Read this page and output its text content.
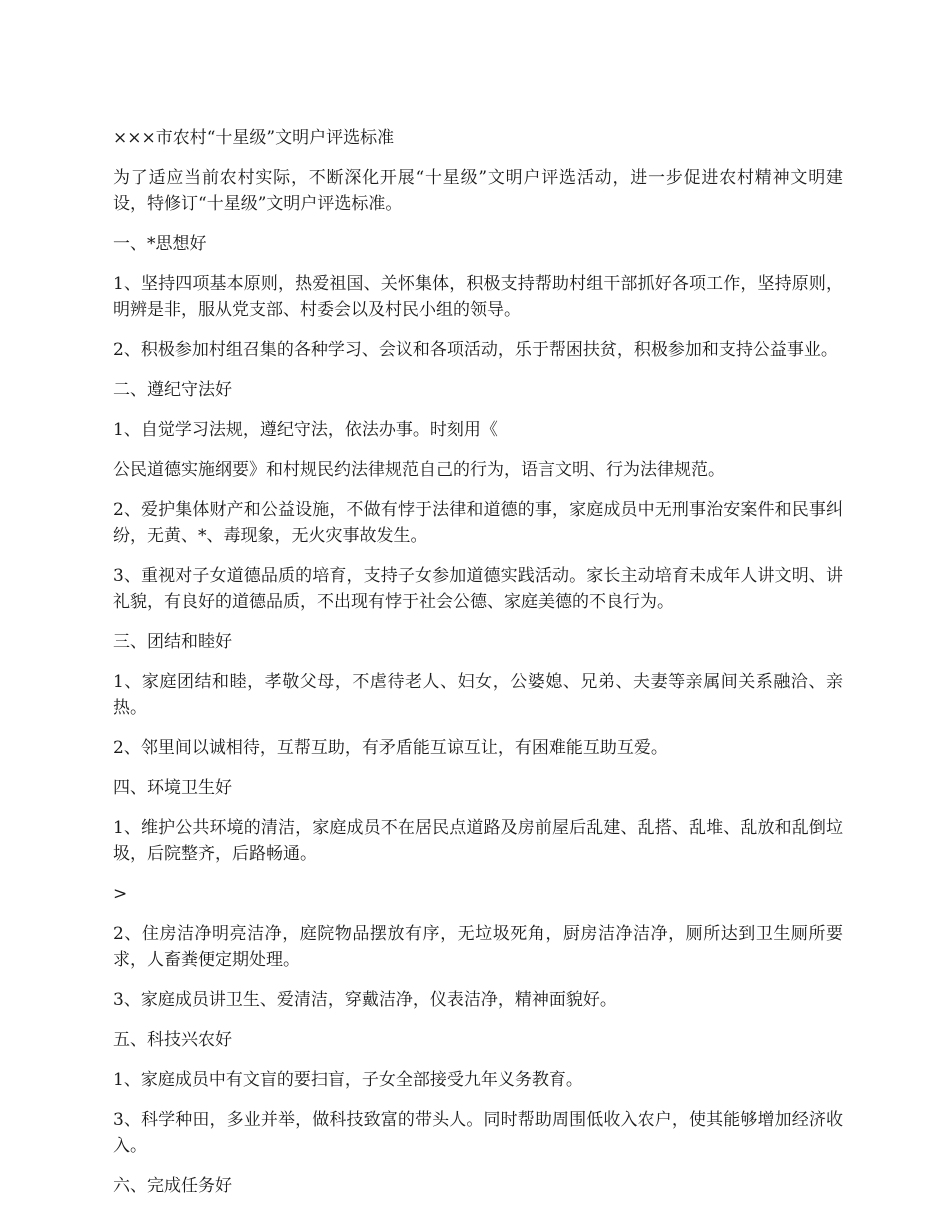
×××市农村“十星级”文明户评选标准

为了适应当前农村实际，不断深化开展“十星级”文明户评选活动，进一步促进农村精神文明建设，特修订“十星级”文明户评选标准。

一、*思想好

1、坚持四项基本原则，热爱祖国、关怀集体，积极支持帮助村组干部抓好各项工作，坚持原则，明辨是非，服从党支部、村委会以及村民小组的领导。

2、积极参加村组召集的各种学习、会议和各项活动，乐于帮困扶贫，积极参加和支持公益事业。

二、遵纪守法好

1、自觉学习法规，遵纪守法，依法办事。时刻用《

公民道德实施纲要》和村规民约法律规范自己的行为，语言文明、行为法律规范。

2、爱护集体财产和公益设施，不做有悖于法律和道德的事，家庭成员中无刑事治安案件和民事纠纷，无黄、*、毒现象，无火灾事故发生。

3、重视对子女道德品质的培育，支持子女参加道德实践活动。家长主动培育未成年人讲文明、讲礼貌，有良好的道德品质，不出现有悖于社会公德、家庭美德的不良行为。

三、团结和睦好

1、家庭团结和睦，孝敬父母，不虐待老人、妇女，公婆媳、兄弟、夫妻等亲属间关系融洽、亲热。

2、邻里间以诚相待，互帮互助，有矛盾能互谅互让，有困难能互助互爱。

四、环境卫生好

1、维护公共环境的清洁，家庭成员不在居民点道路及房前屋后乱建、乱搭、乱堆、乱放和乱倒垃圾，后院整齐，后路畅通。

>

2、住房洁净明亮洁净，庭院物品摆放有序，无垃圾死角，厨房洁净洁净，厕所达到卫生厕所要求，人畜粪便定期处理。

3、家庭成员讲卫生、爱清洁，穿戴洁净，仪表洁净，精神面貌好。

五、科技兴农好

1、家庭成员中有文盲的要扫盲，子女全部接受九年义务教育。

3、科学种田，多业并举，做科技致富的带头人。同时帮助周围低收入农户，使其能够增加经济收入。

六、完成任务好
